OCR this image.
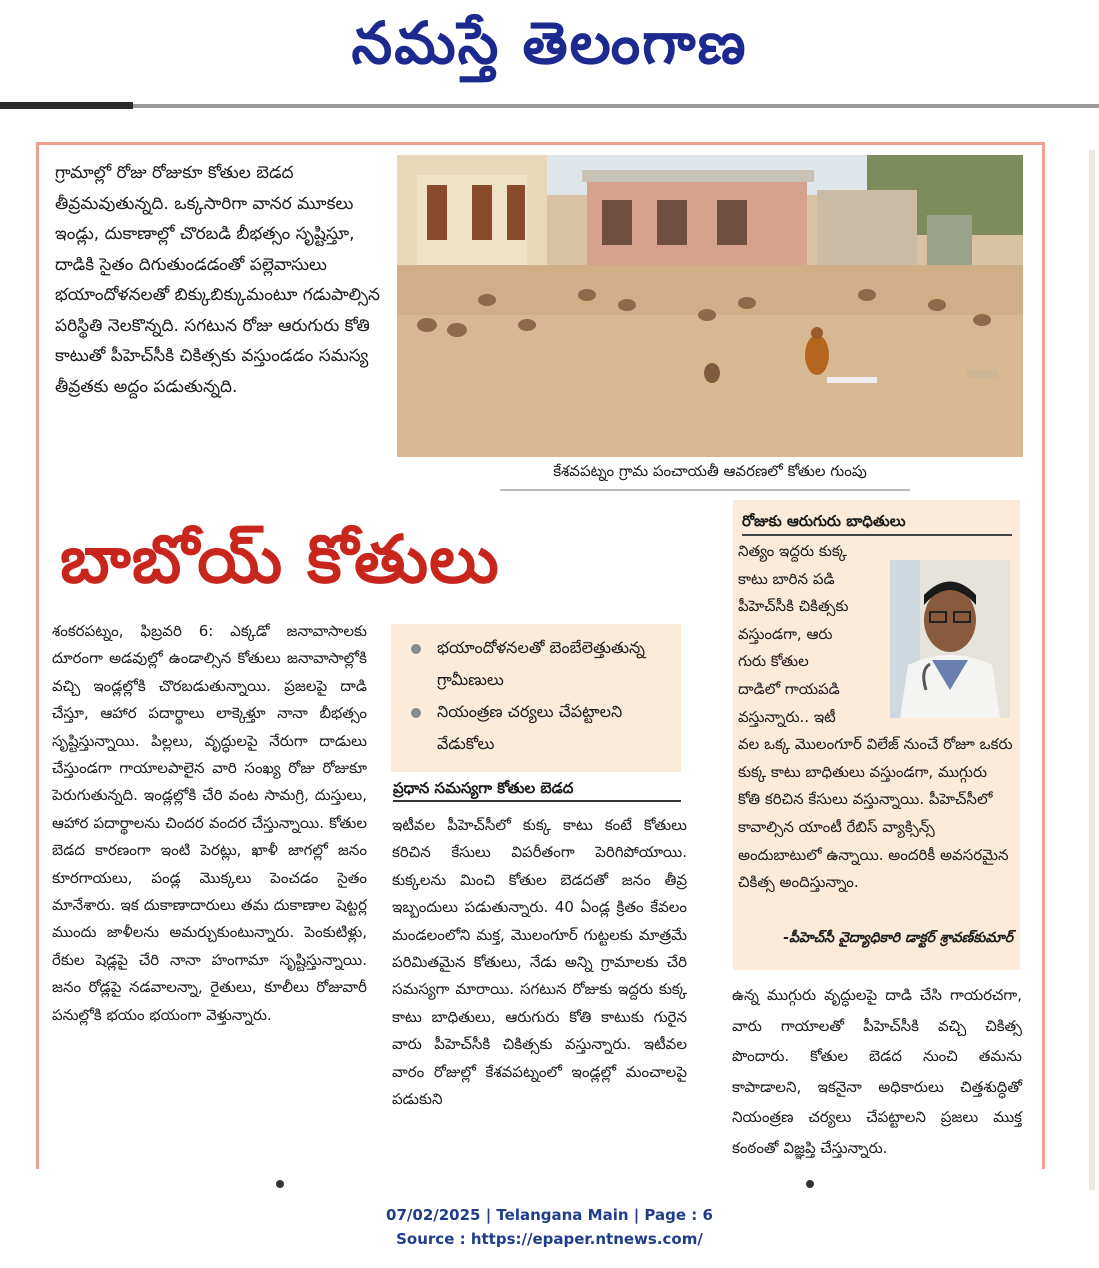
నమస్తే తెలంగాణ

గ్రామాల్లో రోజు రోజుకూ కోతుల బెడద తీవ్రమవుతున్నది. ఒక్కసారిగా వానర మూకలు ఇండ్లు, దుకాణాల్లో చొరబడి బీభత్సం సృష్టిస్తూ, దాడికి సైతం దిగుతుండడంతో పల్లెవాసులు భయాందోళనలతో బిక్కుబిక్కుమంటూ గడుపాల్సిన పరిస్థితి నెలకొన్నది. సగటున రోజు ఆరుగురు కోతి కాటుతో పీహెచ్‌సీకి చికిత్సకు వస్తుండడం సమస్య తీవ్రతకు అద్దం పడుతున్నది.

కేశవపట్నం గ్రామ పంచాయతీ ఆవరణలో కోతుల గుంపు
బాబోయ్ కోతులు

శంకరపట్నం, ఫిబ్రవరి 6: ఎక్కడో జనావాసాలకు దూరంగా అడవుల్లో ఉండాల్సిన కోతులు జనావాసాల్లోకి వచ్చి ఇండ్లల్లోకి చొరబడుతున్నాయి. ప్రజలపై దాడి చేస్తూ, ఆహార పదార్థాలు లాక్కెళ్తూ నానా బీభత్సం సృష్టిస్తున్నాయి. పిల్లలు, వృద్ధులపై నేరుగా దాడులు చేస్తుండగా గాయాలపాలైన వారి సంఖ్య రోజు రోజుకూ పెరుగుతున్నది. ఇండ్లల్లోకి చేరి వంట సామగ్రి, దుస్తులు, ఆహార పదార్థాలను చిందర వందర చేస్తున్నాయి. కోతుల బెడద కారణంగా ఇంటి పెరట్లు, ఖాళీ జాగల్లో జనం కూరగాయలు, పండ్ల మొక్కలు పెంచడం సైతం మానేశారు. ఇక దుకాణాదారులు తమ దుకాణాల షెట్టర్ల ముందు జాళీలను అమర్చుకుంటున్నారు. పెంకుటిళ్లు, రేకుల షెడ్లపై చేరి నానా హంగామా సృష్టిస్తున్నాయి. జనం రోడ్లపై నడవాలన్నా, రైతులు, కూలీలు రోజువారీ పనుల్లోకి భయం భయంగా వెళ్తున్నారు.

భయాందోళనలతో బెంబేలెత్తుతున్న గ్రామీణులు
నియంత్రణ చర్యలు చేపట్టాలని వేడుకోలు
ప్రధాన సమస్యగా కోతుల బెడద

ఇటీవల పీహెచ్‌సీలో కుక్క కాటు కంటే కోతులు కరిచిన కేసులు విపరీతంగా పెరిగిపోయాయి. కుక్కలను మించి కోతుల బెడదతో జనం తీవ్ర ఇబ్బందులు పడుతున్నారు. 40 ఏండ్ల క్రితం కేవలం మండలంలోని మక్త, మొలంగూర్ గుట్టలకు మాత్రమే పరిమితమైన కోతులు, నేడు అన్ని గ్రామాలకు చేరి సమస్యగా మారాయి. సగటున రోజుకు ఇద్దరు కుక్క కాటు బాధితులు, ఆరుగురు కోతి కాటుకు గురైన వారు పీహెచ్‌సీకి చికిత్సకు వస్తున్నారు. ఇటీవల వారం రోజుల్లో కేశవపట్నంలో ఇండ్లల్లో మంచాలపై పడుకుని

రోజుకు ఆరుగురు బాధితులు

నిత్యం ఇద్దరు కుక్క

కాటు బారిన పడి

పీహెచ్‌సీకి చికిత్సకు

వస్తుండగా, ఆరు

గురు కోతుల

దాడిలో గాయపడి

వస్తున్నారు.. ఇటీ

వల ఒక్క మొలంగూర్ విలేజ్ నుంచే రోజూ ఒకరు కుక్క కాటు బాధితులు వస్తుండగా, ముగ్గురు కోతి కరిచిన కేసులు వస్తున్నాయి. పీహెచ్‌సీలో కావాల్సిన యాంటీ రేబిస్ వ్యాక్సిన్స్ అందుబాటులో ఉన్నాయి. అందరికీ అవసరమైన చికిత్స అందిస్తున్నాం.

-పీహెచ్‌సీ వైద్యాధికారి డాక్టర్ శ్రావణ్‌కుమార్

ఉన్న ముగ్గురు వృద్ధులపై దాడి చేసి గాయరచగా, వారు గాయాలతో పీహెచ్‌సీకి వచ్చి చికిత్స పొందారు. కోతుల బెడద నుంచి తమను కాపాడాలని, ఇకనైనా అధికారులు చిత్తశుద్ధితో నియంత్రణ చర్యలు చేపట్టాలని ప్రజలు ముక్త కంఠంతో విజ్ఞప్తి చేస్తున్నారు.

07/02/2025 | Telangana Main | Page : 6
Source : https://epaper.ntnews.com/
